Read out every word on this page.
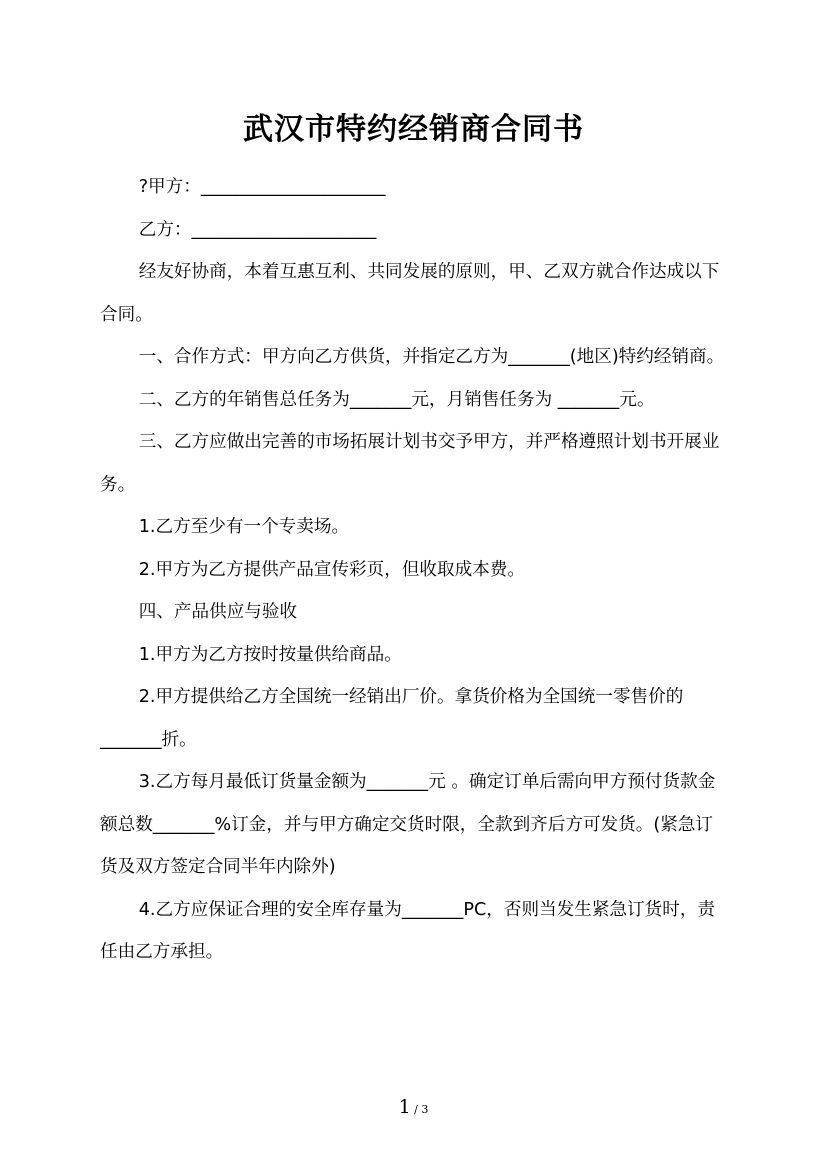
武汉市特约经销商合同书

?甲方：_____________________

乙方：_____________________

经友好协商，本着互惠互利、共同发展的原则，甲、乙双方就合作达成以下合同。

一、合作方式：甲方向乙方供货，并指定乙方为_______(地区)特约经销商。

二、乙方的年销售总任务为_______元，月销售任务为 _______元。

三、乙方应做出完善的市场拓展计划书交予甲方，并严格遵照计划书开展业务。

1.乙方至少有一个专卖场。

2.甲方为乙方提供产品宣传彩页，但收取成本费。

四、产品供应与验收

1.甲方为乙方按时按量供给商品。

2.甲方提供给乙方全国统一经销出厂价。拿货价格为全国统一零售价的_______折。

3.乙方每月最低订货量金额为_______元 。确定订单后需向甲方预付货款金额总数_______%订金，并与甲方确定交货时限，全款到齐后方可发货。(紧急订货及双方签定合同半年内除外)

4.乙方应保证合理的安全库存量为_______PC，否则当发生紧急订货时，责任由乙方承担。

1 / 3
